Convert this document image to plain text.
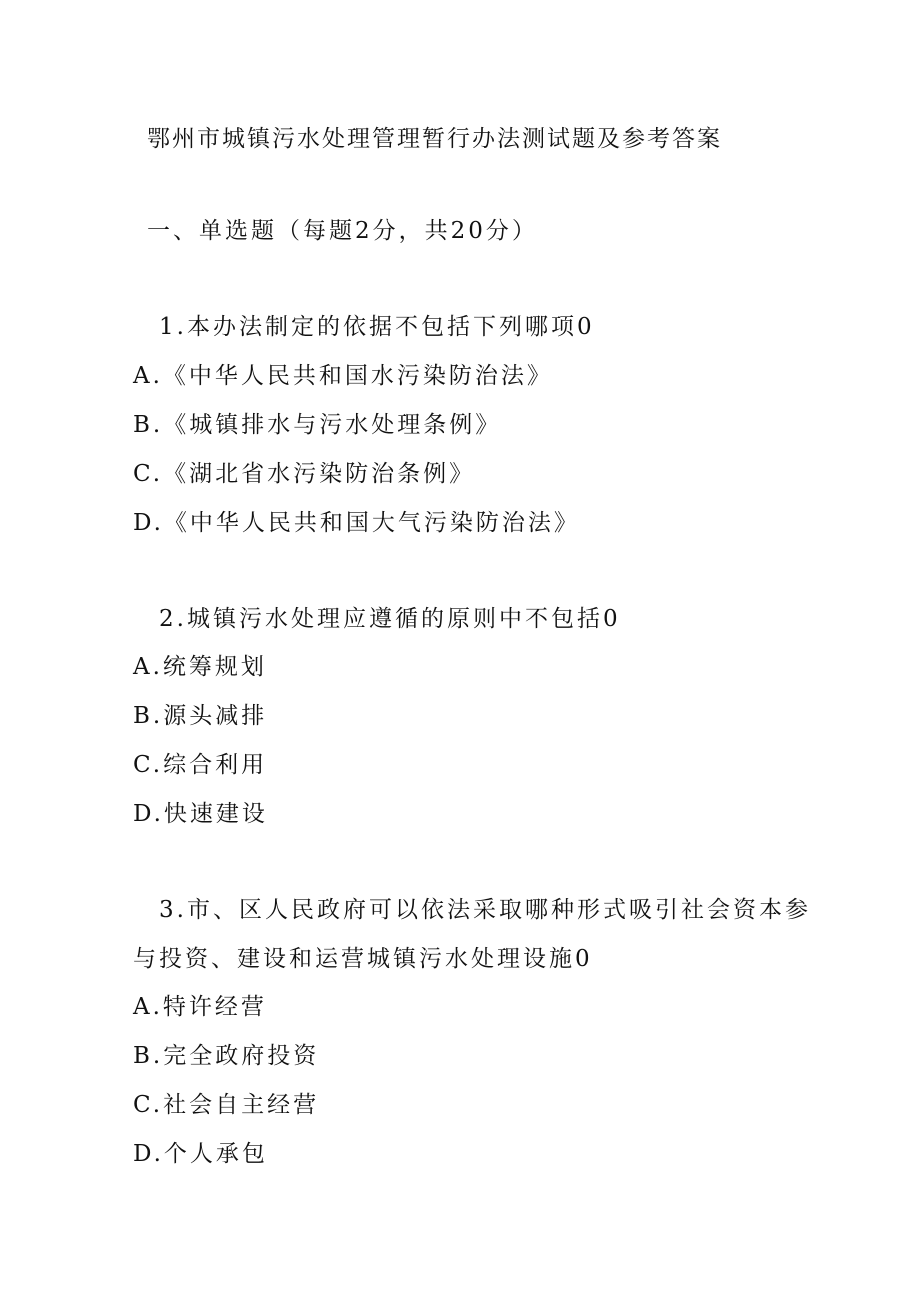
鄂州市城镇污水处理管理暂行办法测试题及参考答案
一、单选题（每题2分，共20分）
1.本办法制定的依据不包括下列哪项0
A.《中华人民共和国水污染防治法》
B.《城镇排水与污水处理条例》
C.《湖北省水污染防治条例》
D.《中华人民共和国大气污染防治法》
2.城镇污水处理应遵循的原则中不包括0
A.统筹规划
B.源头减排
C.综合利用
D.快速建设
3.市、区人民政府可以依法采取哪种形式吸引社会资本参
与投资、建设和运营城镇污水处理设施0
A.特许经营
B.完全政府投资
C.社会自主经营
D.个人承包
